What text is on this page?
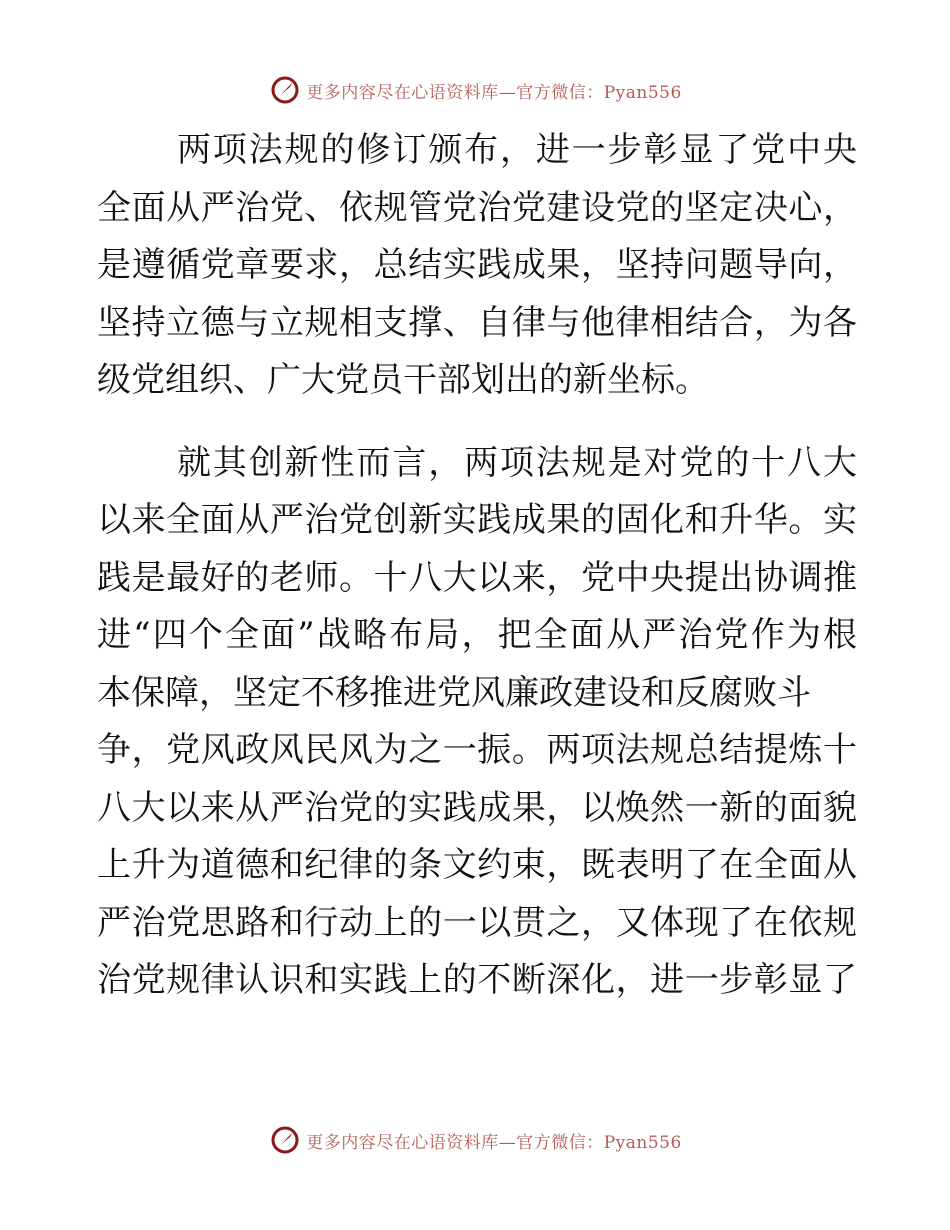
更多内容尽在心语资料库—官方微信：Pyan556
两项法规的修订颁布，进一步彰显了党中央
全面从严治党、依规管党治党建设党的坚定决心，
是遵循党章要求，总结实践成果，坚持问题导向，
坚持立德与立规相支撑、自律与他律相结合，为各
级党组织、广大党员干部划出的新坐标。
就其创新性而言，两项法规是对党的十八大
以来全面从严治党创新实践成果的固化和升华。实
践是最好的老师。十八大以来，党中央提出协调推
进“四个全面”战略布局，把全面从严治党作为根
本保障，坚定不移推进党风廉政建设和反腐败斗
争，党风政风民风为之一振。两项法规总结提炼十
八大以来从严治党的实践成果，以焕然一新的面貌
上升为道德和纪律的条文约束，既表明了在全面从
严治党思路和行动上的一以贯之，又体现了在依规
治党规律认识和实践上的不断深化，进一步彰显了
更多内容尽在心语资料库—官方微信：Pyan556
